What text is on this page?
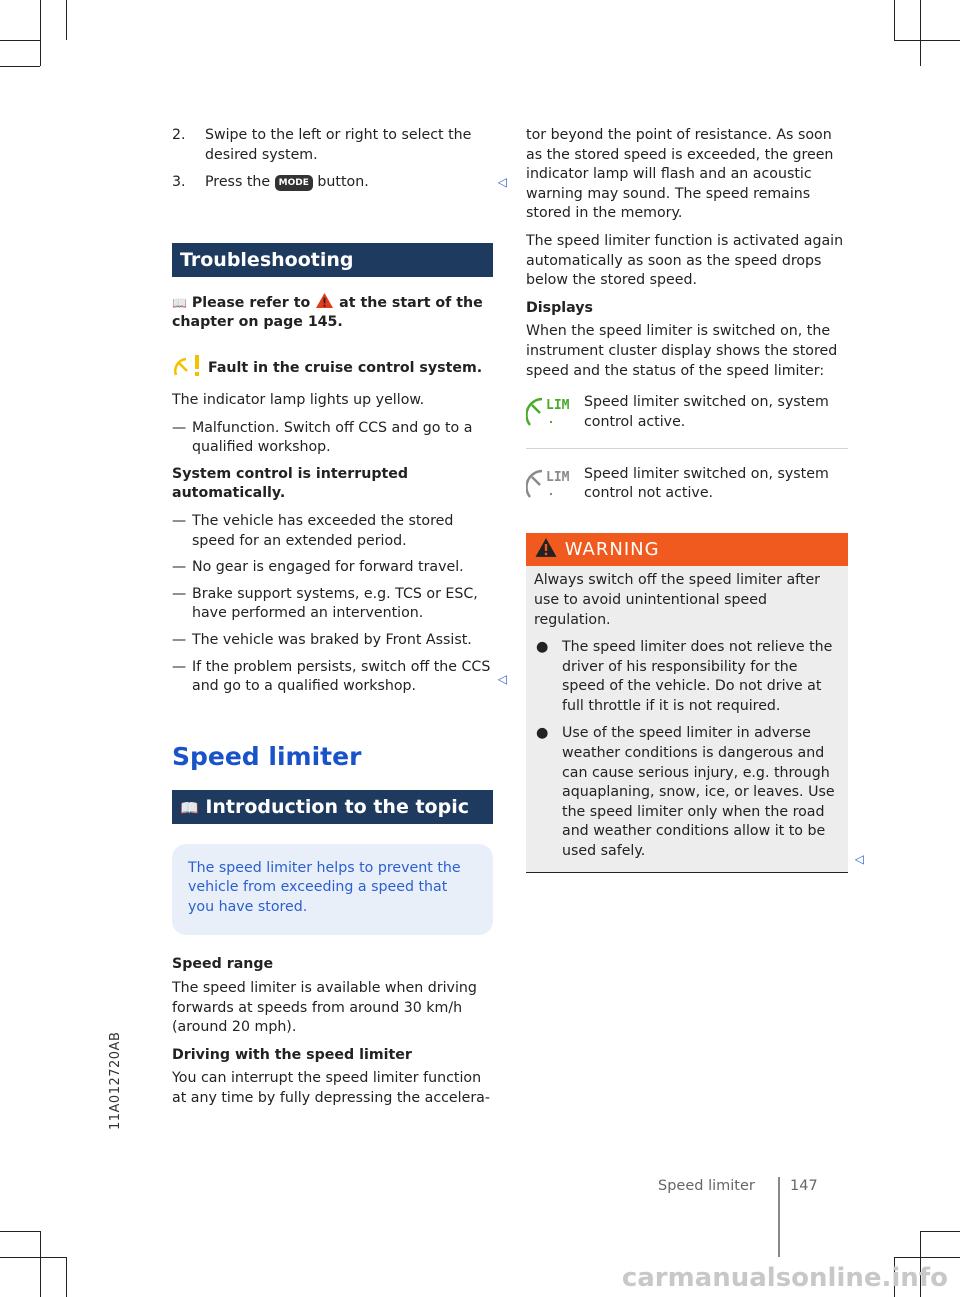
11A012720AB
2.	Swipe to the left or right to select the desired system.
3.	Press the MODE button.	◁
Troubleshooting

📖 Please refer to at the start of the chapter on page 145.

Fault in the cruise control system.

The indicator lamp lights up yellow.

— Malfunction. Switch off CCS and go to a qualified workshop.

System control is interrupted automatically.

— The vehicle has exceeded the stored speed for an extended period.
— No gear is engaged for forward travel.
— Brake support systems, e.g. TCS or ESC, have performed an intervention.
— The vehicle was braked by Front Assist.
— If the problem persists, switch off the CCS and go to a qualified workshop.	◁
Speed limiter
📖 Introduction to the topic
The speed limiter helps to prevent the vehicle from exceeding a speed that you have stored.

Speed range

The speed limiter is available when driving forwards at speeds from around 30 km/h (around 20 mph).

Driving with the speed limiter

You can interrupt the speed limiter function at any time by fully depressing the accelera-

tor beyond the point of resistance. As soon as the stored speed is exceeded, the green indicator lamp will flash and an acoustic warning may sound. The speed remains stored in the memory.

The speed limiter function is activated again automatically as soon as the speed drops below the stored speed.

Displays

When the speed limiter is switched on, the instrument cluster display shows the stored speed and the status of the speed limiter:

LIM Speed limiter switched on, system control active.
LIM Speed limiter switched on, system control not active.
WARNING

Always switch off the speed limiter after use to avoid unintentional speed regulation.

● The speed limiter does not relieve the driver of his responsibility for the speed of the vehicle. Do not drive at full throttle if it is not required.
● Use of the speed limiter in adverse weather conditions is dangerous and can cause serious injury, e.g. through aquaplaning, snow, ice, or leaves. Use the speed limiter only when the road and weather conditions allow it to be used safely.	◁
Speed limiter 147
carmanualsonline.info
